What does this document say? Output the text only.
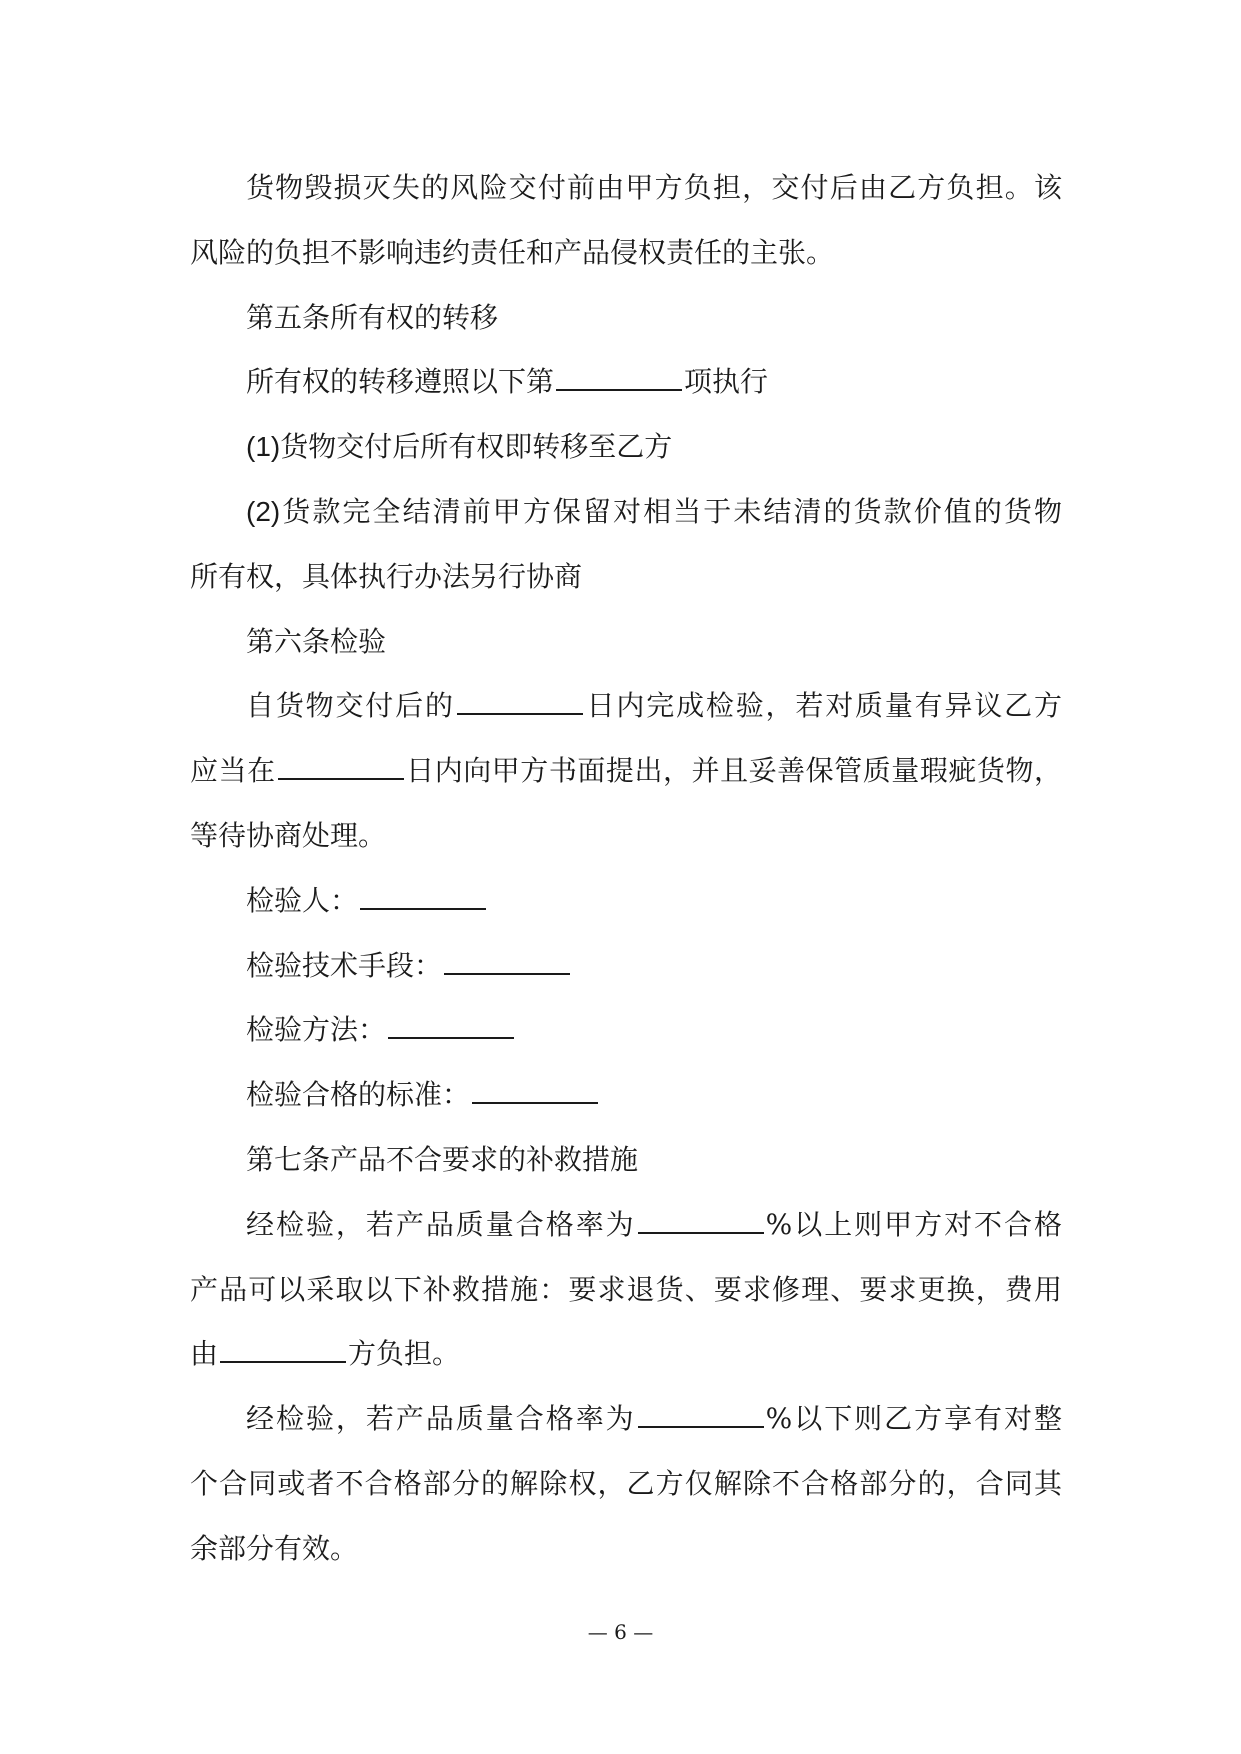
货物毁损灭失的风险交付前由甲方负担，交付后由乙方负担。该

风险的负担不影响违约责任和产品侵权责任的主张。

第五条所有权的转移

所有权的转移遵照以下第	项执行

(1)货物交付后所有权即转移至乙方

(2)货款完全结清前甲方保留对相当于未结清的货款价值的货物

所有权，具体执行办法另行协商

第六条检验

自货物交付后的	日内完成检验，若对质量有异议乙方

应当在	日内向甲方书面提出，并且妥善保管质量瑕疵货物，

等待协商处理。

检验人：

检验技术手段：

检验方法：

检验合格的标准：

第七条产品不合要求的补救措施

经检验，若产品质量合格率为	%以上则甲方对不合格

产品可以采取以下补救措施：要求退货、要求修理、要求更换，费用

由	方负担。

经检验，若产品质量合格率为	%以下则乙方享有对整

个合同或者不合格部分的解除权，乙方仅解除不合格部分的，合同其

余部分有效。

— 6 —
